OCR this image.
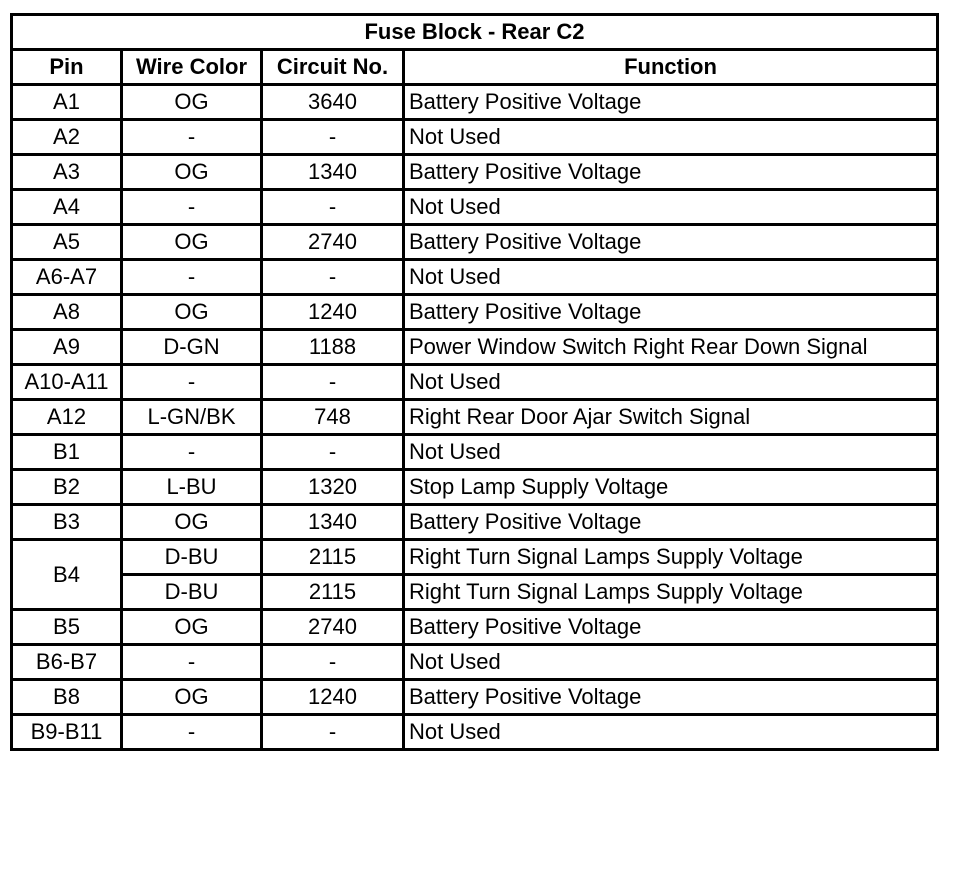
Fuse Block - Rear C2			
Pin	Wire Color	Circuit No.	Function
A1	OG	3640	Battery Positive Voltage
A2	-	-	Not Used
A3	OG	1340	Battery Positive Voltage
A4	-	-	Not Used
A5	OG	2740	Battery Positive Voltage
A6-A7	-	-	Not Used
A8	OG	1240	Battery Positive Voltage
A9	D-GN	1188	Power Window Switch Right Rear Down Signal
A10-A11	-	-	Not Used
A12	L-GN/BK	748	Right Rear Door Ajar Switch Signal
B1	-	-	Not Used
B2	L-BU	1320	Stop Lamp Supply Voltage
B3	OG	1340	Battery Positive Voltage
B4	D-BU	2115	Right Turn Signal Lamps Supply Voltage
	D-BU	2115	Right Turn Signal Lamps Supply Voltage
B5	OG	2740	Battery Positive Voltage
B6-B7	-	-	Not Used
B8	OG	1240	Battery Positive Voltage
B9-B11	-	-	Not Used
